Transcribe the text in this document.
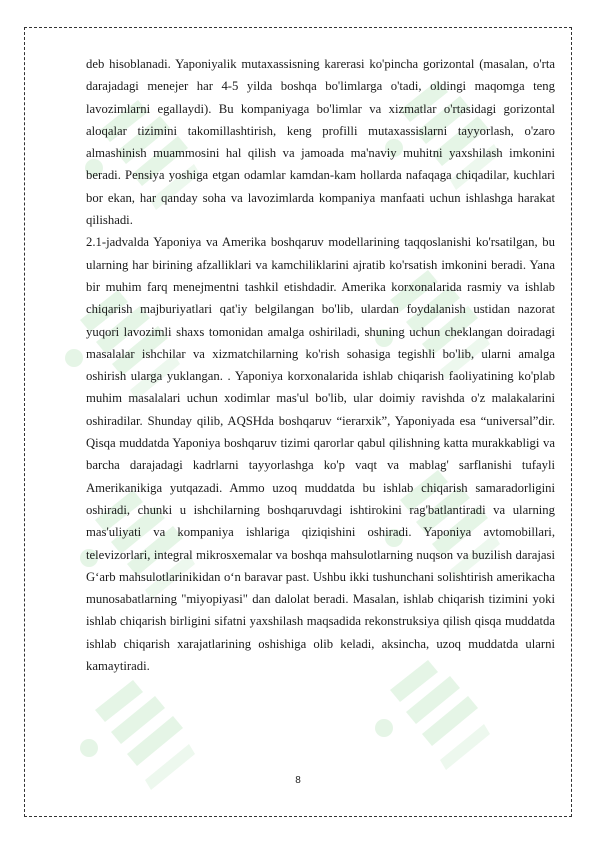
deb hisoblanadi. Yaponiyalik mutaxassisning karerasi ko'pincha gorizontal (masalan, o'rta darajadagi menejer har 4-5 yilda boshqa bo'limlarga o'tadi, oldingi maqomga teng lavozimlarni egallaydi). Bu kompaniyaga bo'limlar va xizmatlar o'rtasidagi gorizontal aloqalar tizimini takomillashtirish, keng profilli mutaxassislarni tayyorlash, o'zaro almashinish muammosini hal qilish va jamoada ma'naviy muhitni yaxshilash imkonini beradi. Pensiya yoshiga etgan odamlar kamdan-kam hollarda nafaqaga chiqadilar, kuchlari bor ekan, har qanday soha va lavozimlarda kompaniya manfaati uchun ishlashga harakat qilishadi.

2.1-jadvalda Yaponiya va Amerika boshqaruv modellarining taqqoslanishi ko'rsatilgan, bu ularning har birining afzalliklari va kamchiliklarini ajratib ko'rsatish imkonini beradi. Yana bir muhim farq menejmentni tashkil etishdadir. Amerika korxonalarida rasmiy va ishlab chiqarish majburiyatlari qat'iy belgilangan bo'lib, ulardan foydalanish ustidan nazorat yuqori lavozimli shaxs tomonidan amalga oshiriladi, shuning uchun cheklangan doiradagi masalalar ishchilar va xizmatchilarning ko'rish sohasiga tegishli bo'lib, ularni amalga oshirish ularga yuklangan. . Yaponiya korxonalarida ishlab chiqarish faoliyatining ko'plab muhim masalalari uchun xodimlar mas'ul bo'lib, ular doimiy ravishda o'z malakalarini oshiradilar. Shunday qilib, AQSHda boshqaruv “ierarxik”, Yaponiyada esa “universal”dir. Qisqa muddatda Yaponiya boshqaruv tizimi qarorlar qabul qilishning katta murakkabligi va barcha darajadagi kadrlarni tayyorlashga ko'p vaqt va mablag' sarflanishi tufayli Amerikanikiga yutqazadi. Ammo uzoq muddatda bu ishlab chiqarish samaradorligini oshiradi, chunki u ishchilarning boshqaruvdagi ishtirokini rag'batlantiradi va ularning mas'uliyati va kompaniya ishlariga qiziqishini oshiradi. Yaponiya avtomobillari, televizorlari, integral mikrosxemalar va boshqa mahsulotlarning nuqson va buzilish darajasi G‘arb mahsulotlarinikidan o‘n baravar past. Ushbu ikki tushunchani solishtirish amerikacha munosabatlarning "miyopiyasi" dan dalolat beradi. Masalan, ishlab chiqarish tizimini yoki ishlab chiqarish birligini sifatni yaxshilash maqsadida rekonstruksiya qilish qisqa muddatda ishlab chiqarish xarajatlarining oshishiga olib keladi, aksincha, uzoq muddatda ularni kamaytiradi.

8
